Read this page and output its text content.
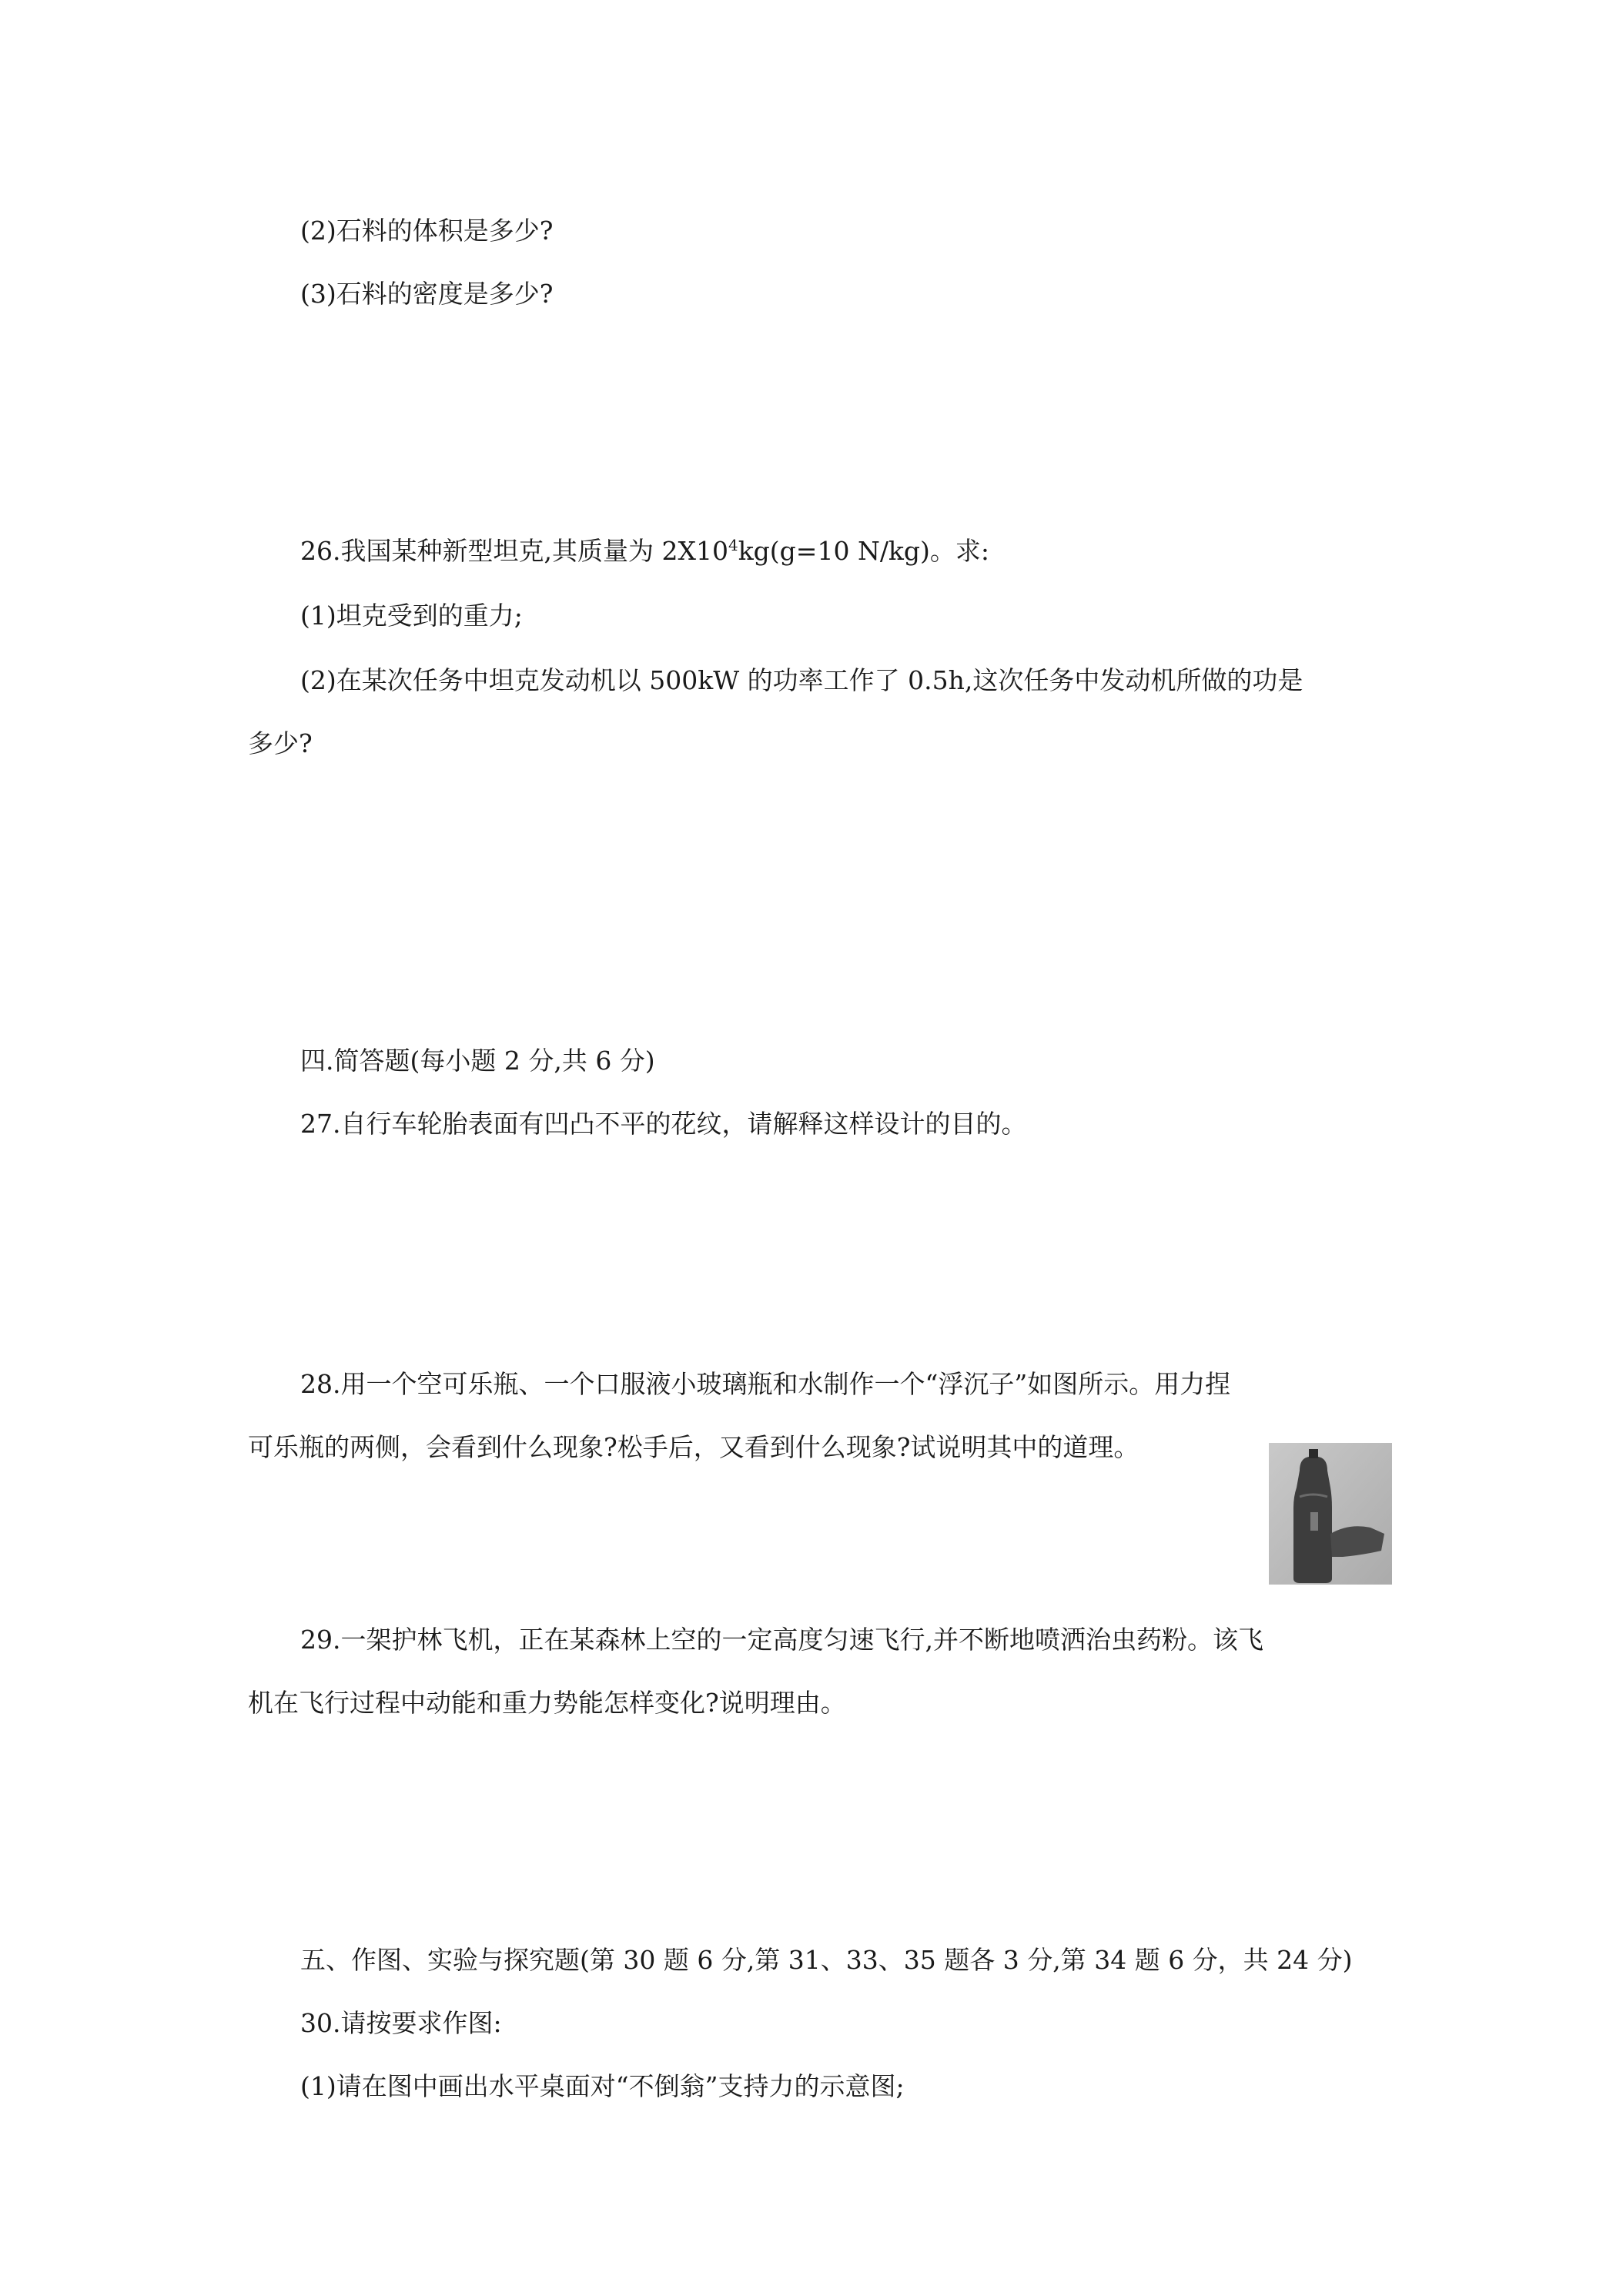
(2)石料的体积是多少?
(3)石料的密度是多少?
26.我国某种新型坦克,其质量为 $2X10^4kg(g=10$ N/kg)。求:
(1)坦克受到的重力;
(2)在某次任务中坦克发动机以 500kW 的功率工作了 0.5h,这次任务中发动机所做的功是
多少?
四.简答题(每小题 2 分,共 6 分)
27.自行车轮胎表面有凹凸不平的花纹，请解释这样设计的目的。
28.用一个空可乐瓶、一个口服液小玻璃瓶和水制作一个“浮沉子”如图所示。用力捏
可乐瓶的两侧，会看到什么现象?松手后，又看到什么现象?试说明其中的道理。
29.一架护林飞机，正在某森林上空的一定高度匀速飞行,并不断地喷洒治虫药粉。该飞
机在飞行过程中动能和重力势能怎样变化?说明理由。
五、作图、实验与探究题(第 30 题 6 分,第 31、33、35 题各 3 分,第 34 题 6 分，共 24 分)
30.请按要求作图:
(1)请在图中画出水平桌面对“不倒翁”支持力的示意图;
